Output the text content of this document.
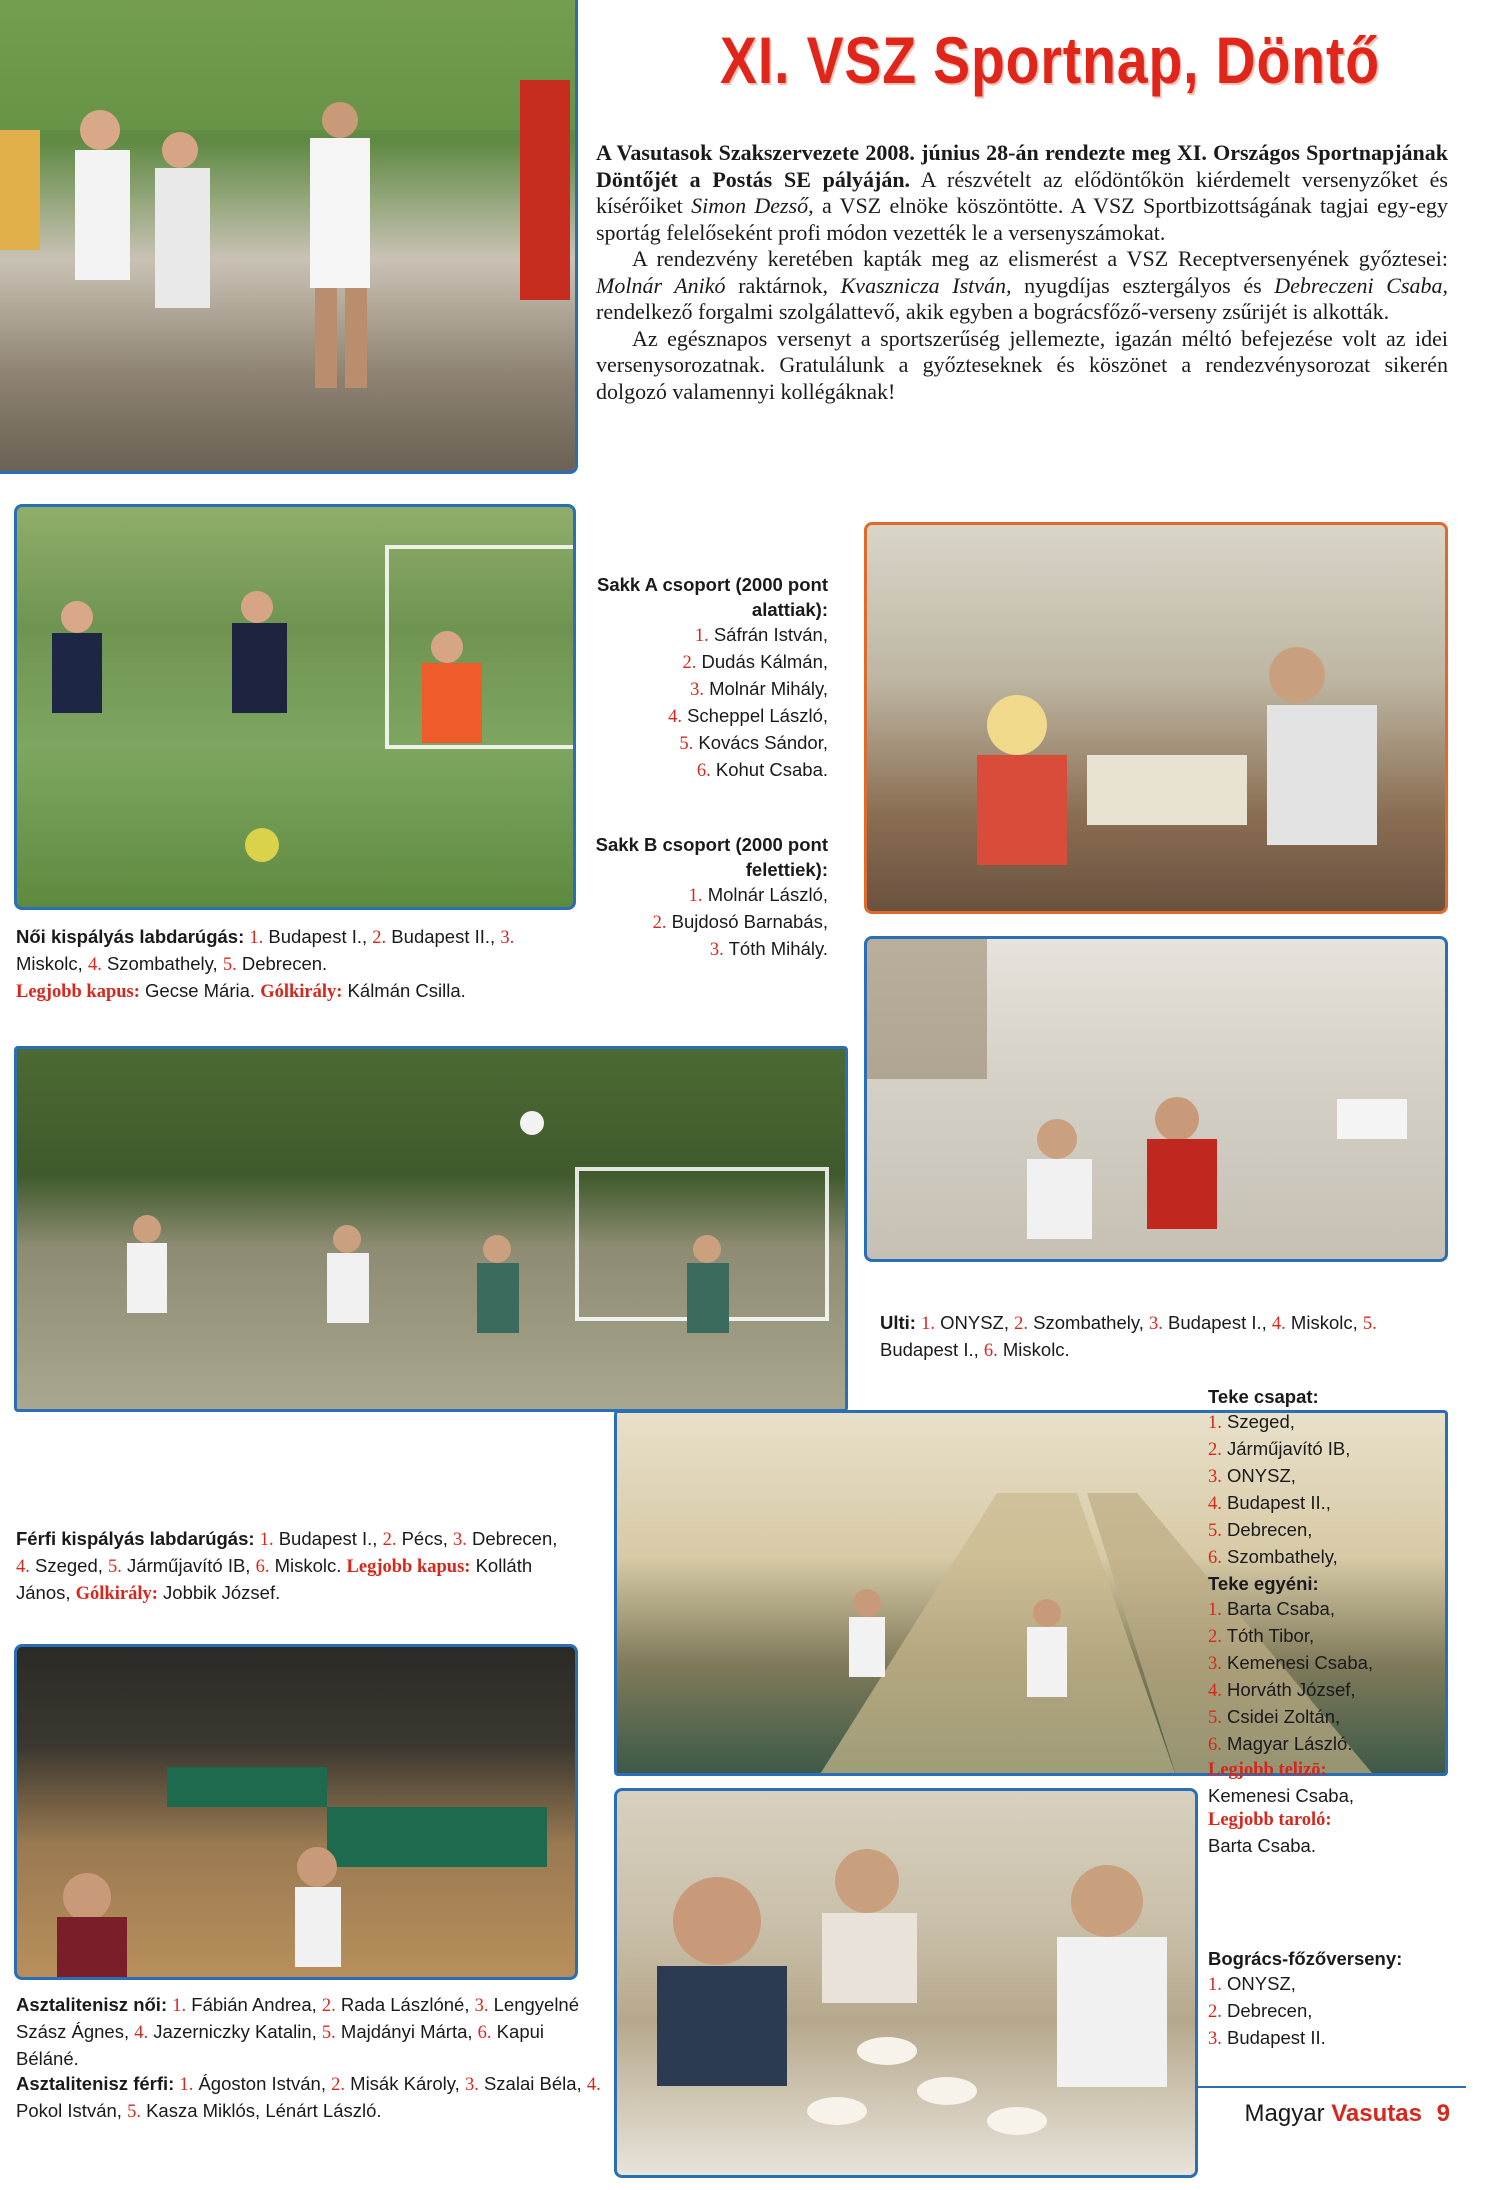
XI. VSZ Sportnap, Döntő

A Vasutasok Szakszervezete 2008. június 28-án rendezte meg XI. Országos Sportnapjának Döntőjét a Postás SE pályáján. A részvételt az elődöntőkön kiérdemelt versenyzőket és kísérőiket Simon Dezső, a VSZ elnöke köszöntötte. A VSZ Sportbizottságának tagjai egy-egy sportág felelőseként profi módon vezették le a versenyszámokat.

A rendezvény keretében kapták meg az elismerést a VSZ Receptversenyének győztesei: Molnár Anikó raktárnok, Kvasznicza István, nyugdíjas esztergályos és Debreczeni Csaba, rendelkező forgalmi szolgálattevő, akik egyben a bográcsfőző-verseny zsűrijét is alkották.

Az egésznapos versenyt a sportszerűség jellemezte, igazán méltó befejezése volt az idei versenysorozatnak. Gratulálunk a győzteseknek és köszönet a rendezvénysorozat sikerén dolgozó valamennyi kollégáknak!

Női kispályás labdarúgás: 1. Budapest I., 2. Budapest II., 3. Miskolc, 4. Szombathely, 5. Debrecen.
Legjobb kapus: Gecse Mária. Gólkirály: Kálmán Csilla.
Sakk A csoport (2000 pont alattiak):
1. Sáfrán István,
2. Dudás Kálmán,
3. Molnár Mihály,
4. Scheppel László,
5. Kovács Sándor,
6. Kohut Csaba.
Sakk B csoport (2000 pont felettiek):
1. Molnár László,
2. Bujdosó Barnabás,
3. Tóth Mihály.
Ulti: 1. ONYSZ, 2. Szombathely, 3. Budapest I., 4. Miskolc, 5. Budapest I., 6. Miskolc.
Férfi kispályás labdarúgás: 1. Budapest I., 2. Pécs, 3. Debrecen, 4. Szeged, 5. Járműjavító IB, 6. Miskolc. Legjobb kapus: Kolláth János, Gólkirály: Jobbik József.
Teke csapat:
1. Szeged,
2. Járműjavító IB,
3. ONYSZ,
4. Budapest II.,
5. Debrecen,
6. Szombathely,
Teke egyéni:
1. Barta Csaba,
2. Tóth Tibor,
3. Kemenesi Csaba,
4. Horváth József,
5. Csidei Zoltán,
6. Magyar László.
Legjobb telizō:
Kemenesi Csaba,
Legjobb taroló:
Barta Csaba.
Bogrács-főzőverseny:
1. ONYSZ,
2. Debrecen,
3. Budapest II.
Asztalitenisz női: 1. Fábián Andrea, 2. Rada Lászlóné, 3. Lengyelné Szász Ágnes, 4. Jazerniczky Katalin, 5. Majdányi Márta, 6. Kapui Béláné.
Asztalitenisz férfi: 1. Ágoston István, 2. Misák Károly, 3. Szalai Béla, 4. Pokol István, 5. Kasza Miklós, Lénárt László.	Magyar Vasutas 9
